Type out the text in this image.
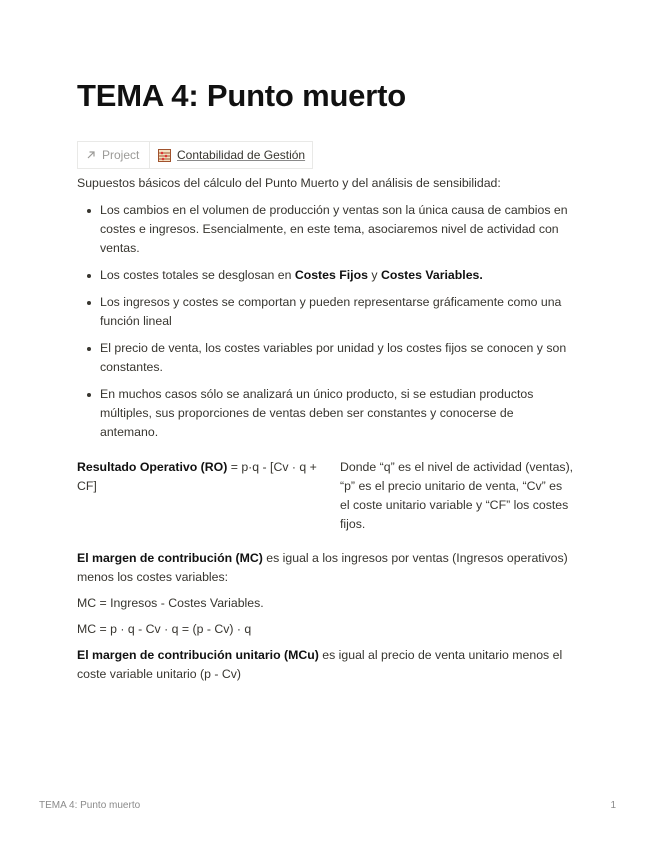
TEMA 4: Punto muerto
Project	Contabilidad de Gestión
Supuestos básicos del cálculo del Punto Muerto y del análisis de sensibilidad:
Los cambios en el volumen de producción y ventas son la única causa de cambios en costes e ingresos. Esencialmente, en este tema, asociaremos nivel de actividad con ventas.
Los costes totales se desglosan en Costes Fijos y Costes Variables.
Los ingresos y costes se comportan y pueden representarse gráficamente como una función lineal
El precio de venta, los costes variables por unidad y los costes fijos se conocen y son constantes.
En muchos casos sólo se analizará un único producto, si se estudian productos múltiples, sus proporciones de ventas deben ser constantes y conocerse de antemano.
Resultado Operativo (RO) = p·q - [Cv · q + CF]
Donde “q” es el nivel de actividad (ventas), “p” es el precio unitario de venta, “Cv” es el coste unitario variable y “CF” los costes fijos.
El margen de contribución (MC) es igual a los ingresos por ventas (Ingresos operativos) menos los costes variables:
MC = Ingresos - Costes Variables.
MC = p · q - Cv · q = (p - Cv) · q
El margen de contribución unitario (MCu) es igual al precio de venta unitario menos el coste variable unitario (p - Cv)
TEMA 4: Punto muerto	1
